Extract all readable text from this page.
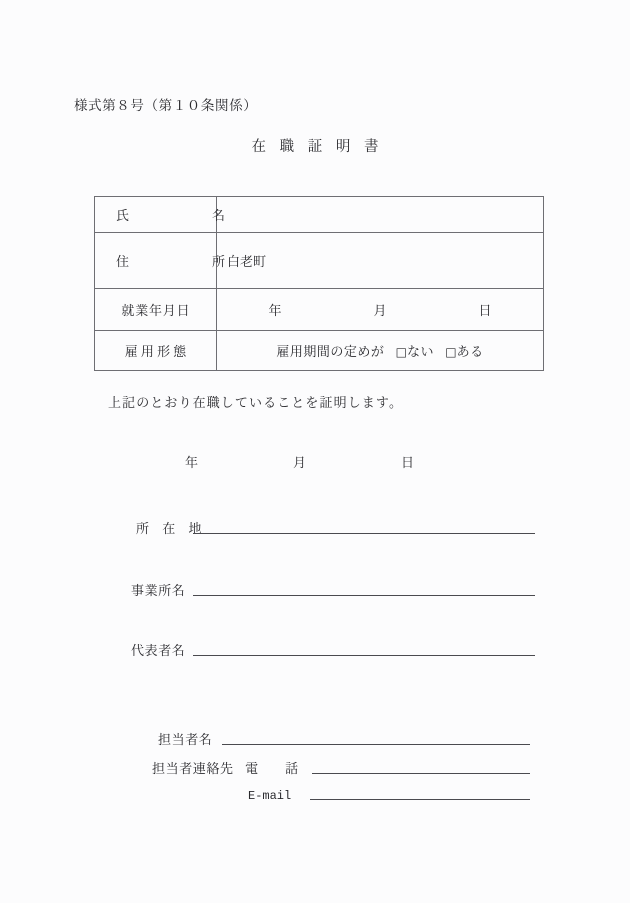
様式第８号（第１０条関係）
在 職 証 明 書
氏　　　名	
住　　　所	白老町
就業年月日	年　　月　　日
雇用形態	雇用期間の定めが □ない □ある
上記のとおり在職していることを証明します。
年　　月　　日
所 在 地
事業所名
代表者名
担当者名
担当者連絡先 電　話
E-mail
